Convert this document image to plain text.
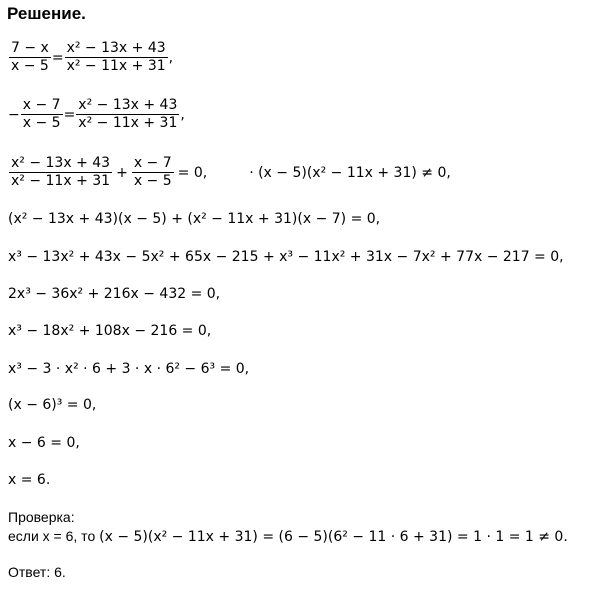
Решение.
$\frac{7 - x}{x - 5} = \frac{\text{x² − 13x + 43}}{\text{x² − 11x + 31}}$ ,
− $\frac{x - 7}{x - 5} = \frac{\text{x² − 13x + 43}}{\text{x² − 11x + 31}}$ ,
$\frac{\text{x² − 13x + 43}}{\text{x² − 11x + 31}} + \frac{x - 7}{x - 5} = 0$,	· (x − 5)(x² − 11x + 31) ≠ 0,
(x² − 13x + 43)(x − 5) + (x² − 11x + 31)(x − 7) = 0,
x³ − 13x² + 43x − 5x² + 65x − 215 + x³ − 11x² + 31x − 7x² + 77x − 217 = 0,
2x³ − 36x² + 216x − 432 = 0,
x³ − 18x² + 108x − 216 = 0,
x³ − 3 · x² · 6 + 3 · x · 6² − 6³ = 0,
(x − 6)³ = 0,
x − 6 = 0,
x = 6.
Проверка:
если x = 6, то (x − 5)(x² − 11x + 31) = (6 − 5)(6² − 11 · 6 + 31) = 1 · 1 = 1 ≠ 0.
Ответ: 6.
